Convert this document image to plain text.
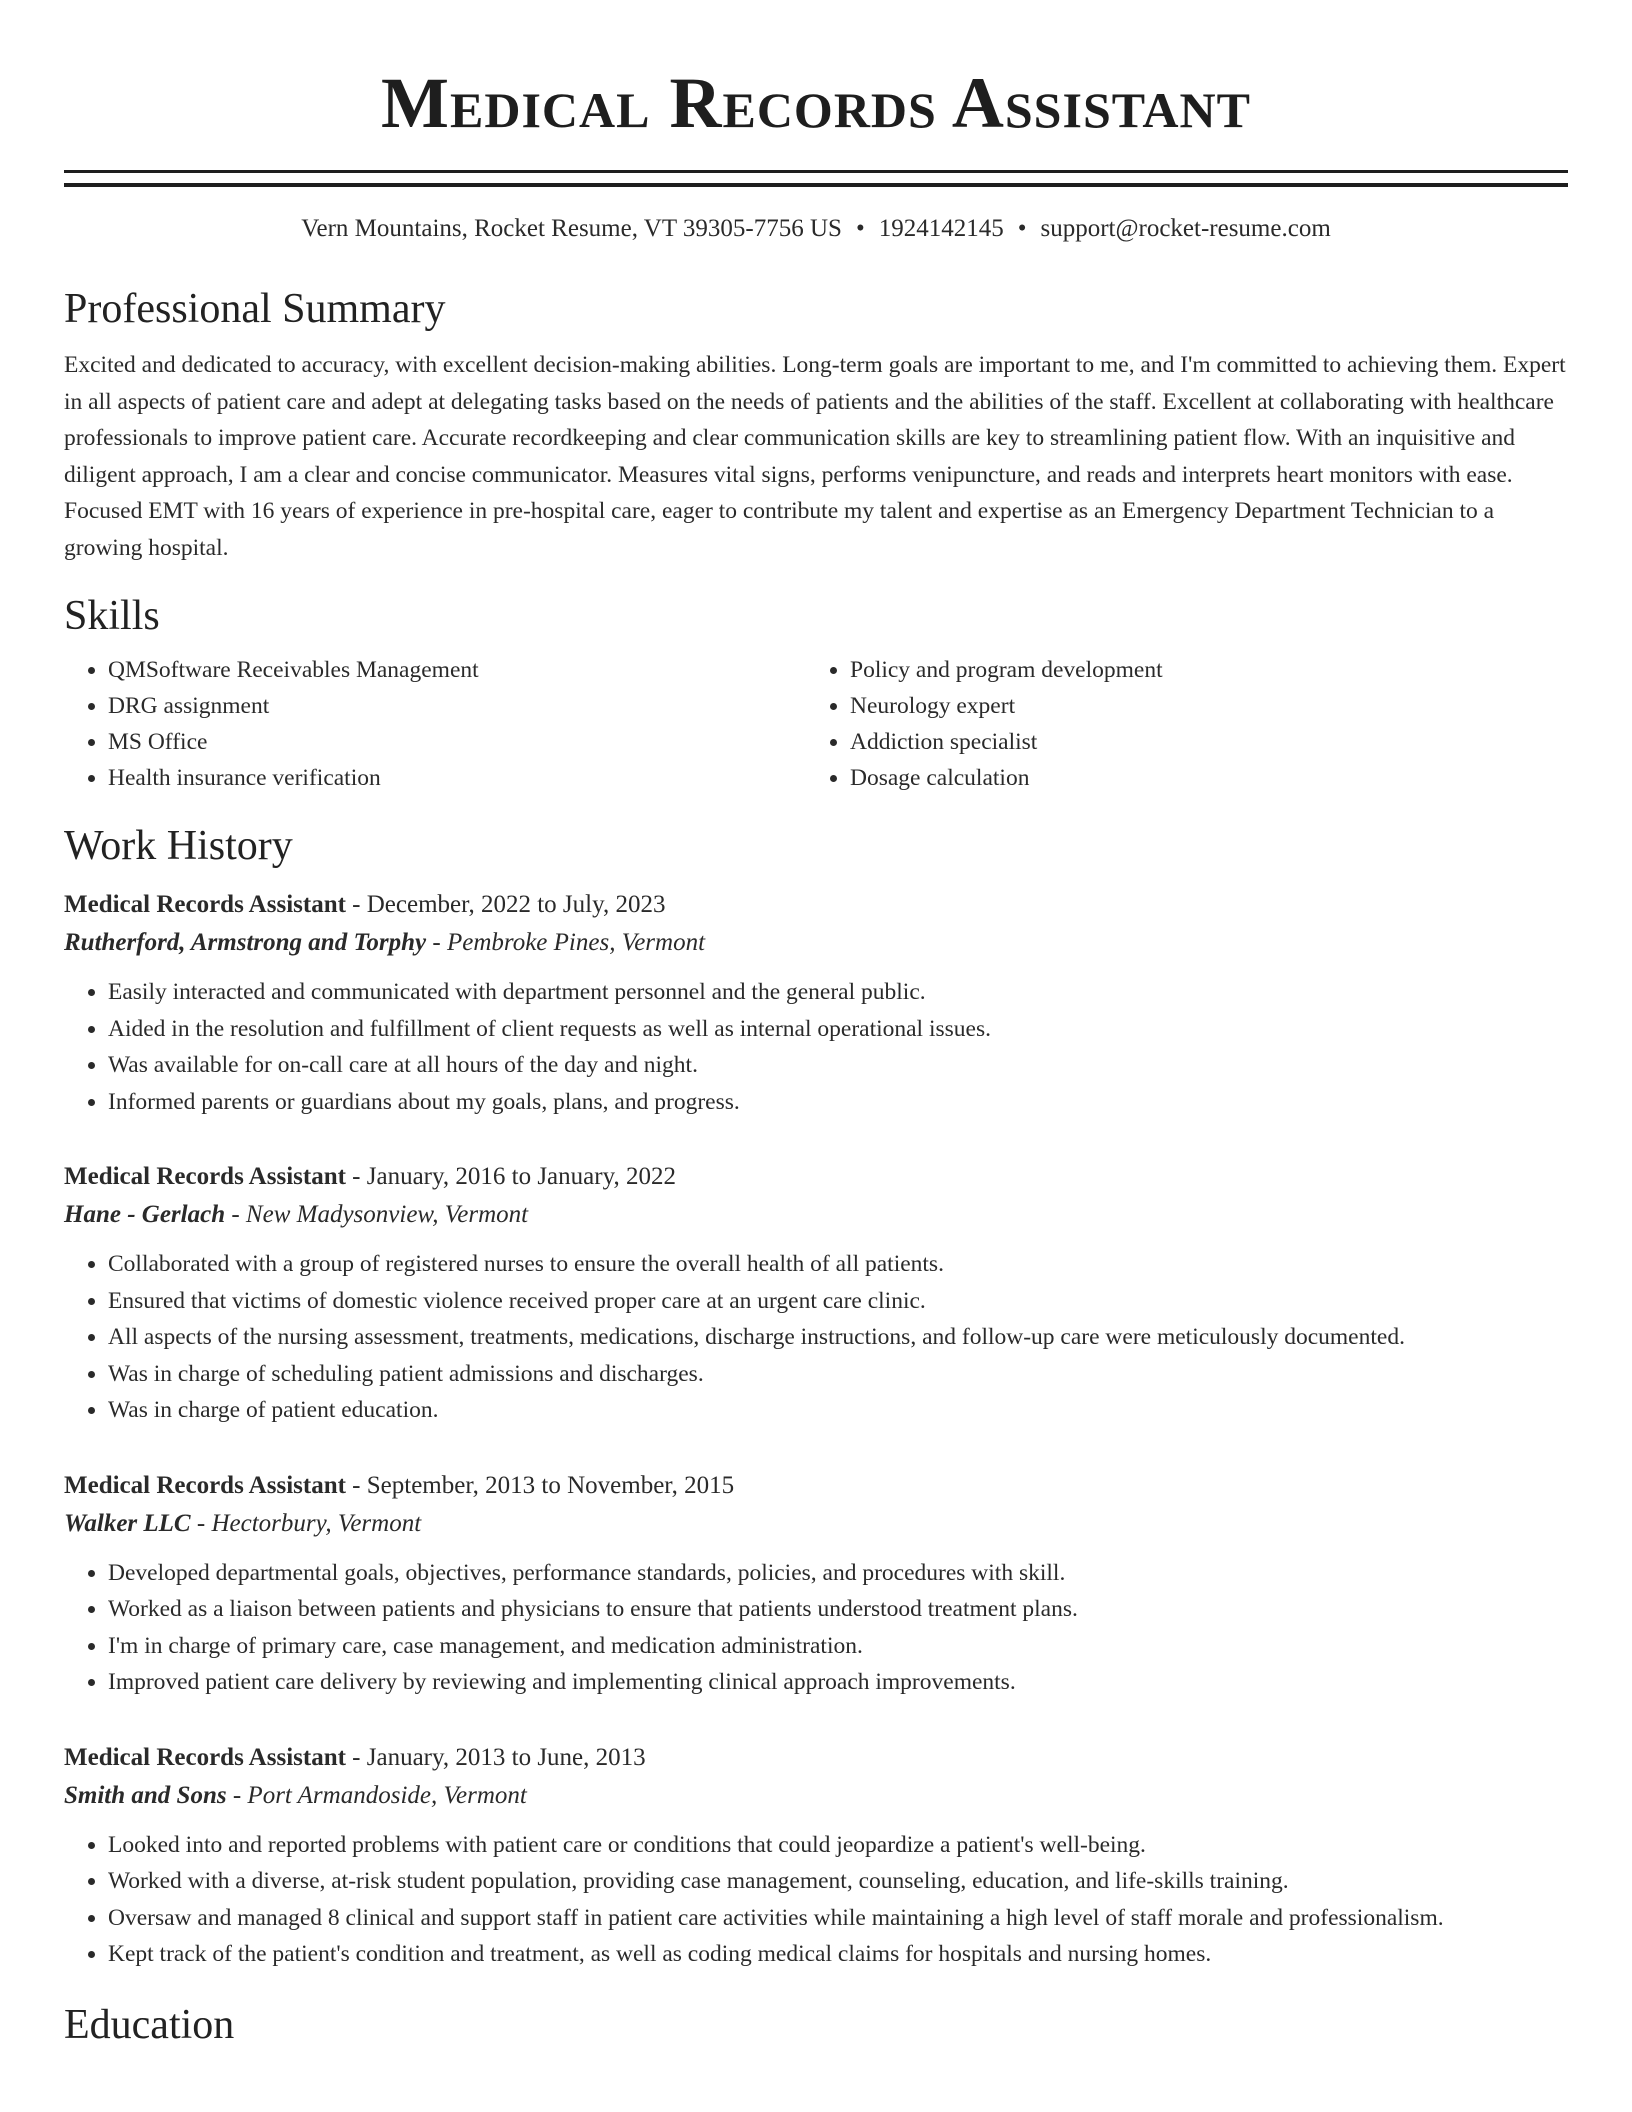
Medical Records Assistant
Vern Mountains, Rocket Resume, VT 39305-7756 US • 1924142145 • support@rocket-resume.com
Professional Summary

Excited and dedicated to accuracy, with excellent decision-making abilities. Long-term goals are important to me, and I'm committed to achieving them. Expert in all aspects of patient care and adept at delegating tasks based on the needs of patients and the abilities of the staff. Excellent at collaborating with healthcare professionals to improve patient care. Accurate recordkeeping and clear communication skills are key to streamlining patient flow. With an inquisitive and diligent approach, I am a clear and concise communicator. Measures vital signs, performs venipuncture, and reads and interprets heart monitors with ease. Focused EMT with 16 years of experience in pre-hospital care, eager to contribute my talent and expertise as an Emergency Department Technician to a growing hospital.

Skills
• QMSoftware Receivables Management
• DRG assignment
• MS Office
• Health insurance verification
• Policy and program development
• Neurology expert
• Addiction specialist
• Dosage calculation
Work History
Medical Records Assistant - December, 2022 to July, 2023
Rutherford, Armstrong and Torphy - Pembroke Pines, Vermont
• Easily interacted and communicated with department personnel and the general public.
• Aided in the resolution and fulfillment of client requests as well as internal operational issues.
• Was available for on-call care at all hours of the day and night.
• Informed parents or guardians about my goals, plans, and progress.
Medical Records Assistant - January, 2016 to January, 2022
Hane - Gerlach - New Madysonview, Vermont
• Collaborated with a group of registered nurses to ensure the overall health of all patients.
• Ensured that victims of domestic violence received proper care at an urgent care clinic.
• All aspects of the nursing assessment, treatments, medications, discharge instructions, and follow-up care were meticulously documented.
• Was in charge of scheduling patient admissions and discharges.
• Was in charge of patient education.
Medical Records Assistant - September, 2013 to November, 2015
Walker LLC - Hectorbury, Vermont
• Developed departmental goals, objectives, performance standards, policies, and procedures with skill.
• Worked as a liaison between patients and physicians to ensure that patients understood treatment plans.
• I'm in charge of primary care, case management, and medication administration.
• Improved patient care delivery by reviewing and implementing clinical approach improvements.
Medical Records Assistant - January, 2013 to June, 2013
Smith and Sons - Port Armandoside, Vermont
• Looked into and reported problems with patient care or conditions that could jeopardize a patient's well-being.
• Worked with a diverse, at-risk student population, providing case management, counseling, education, and life-skills training.
• Oversaw and managed 8 clinical and support staff in patient care activities while maintaining a high level of staff morale and professionalism.
• Kept track of the patient's condition and treatment, as well as coding medical claims for hospitals and nursing homes.
Education
